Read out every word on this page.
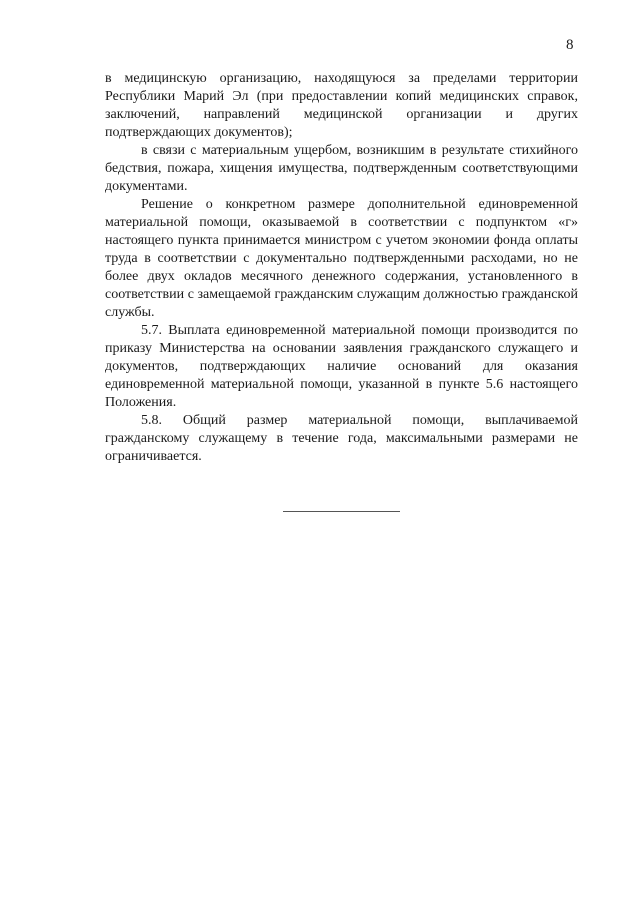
8

в медицинскую организацию, находящуюся за пределами территории Республики Марий Эл (при предоставлении копий медицинских справок, заключений, направлений медицинской организации и других подтверждающих документов);

в связи с материальным ущербом, возникшим в результате стихийного бедствия, пожара, хищения имущества, подтвержденным соответствующими документами.

Решение о конкретном размере дополнительной единовременной материальной помощи, оказываемой в соответствии с подпунктом «г» настоящего пункта принимается министром с учетом экономии фонда оплаты труда в соответствии с документально подтвержденными расходами, но не более двух окладов месячного денежного содержания, установленного в соответствии с замещаемой гражданским служащим должностью гражданской службы.

5.7. Выплата единовременной материальной помощи производится по приказу Министерства на основании заявления гражданского служащего и документов, подтверждающих наличие оснований для оказания единовременной материальной помощи, указанной в пункте 5.6 настоящего Положения.

5.8. Общий размер материальной помощи, выплачиваемой гражданскому служащему в течение года, максимальными размерами не ограничивается.
